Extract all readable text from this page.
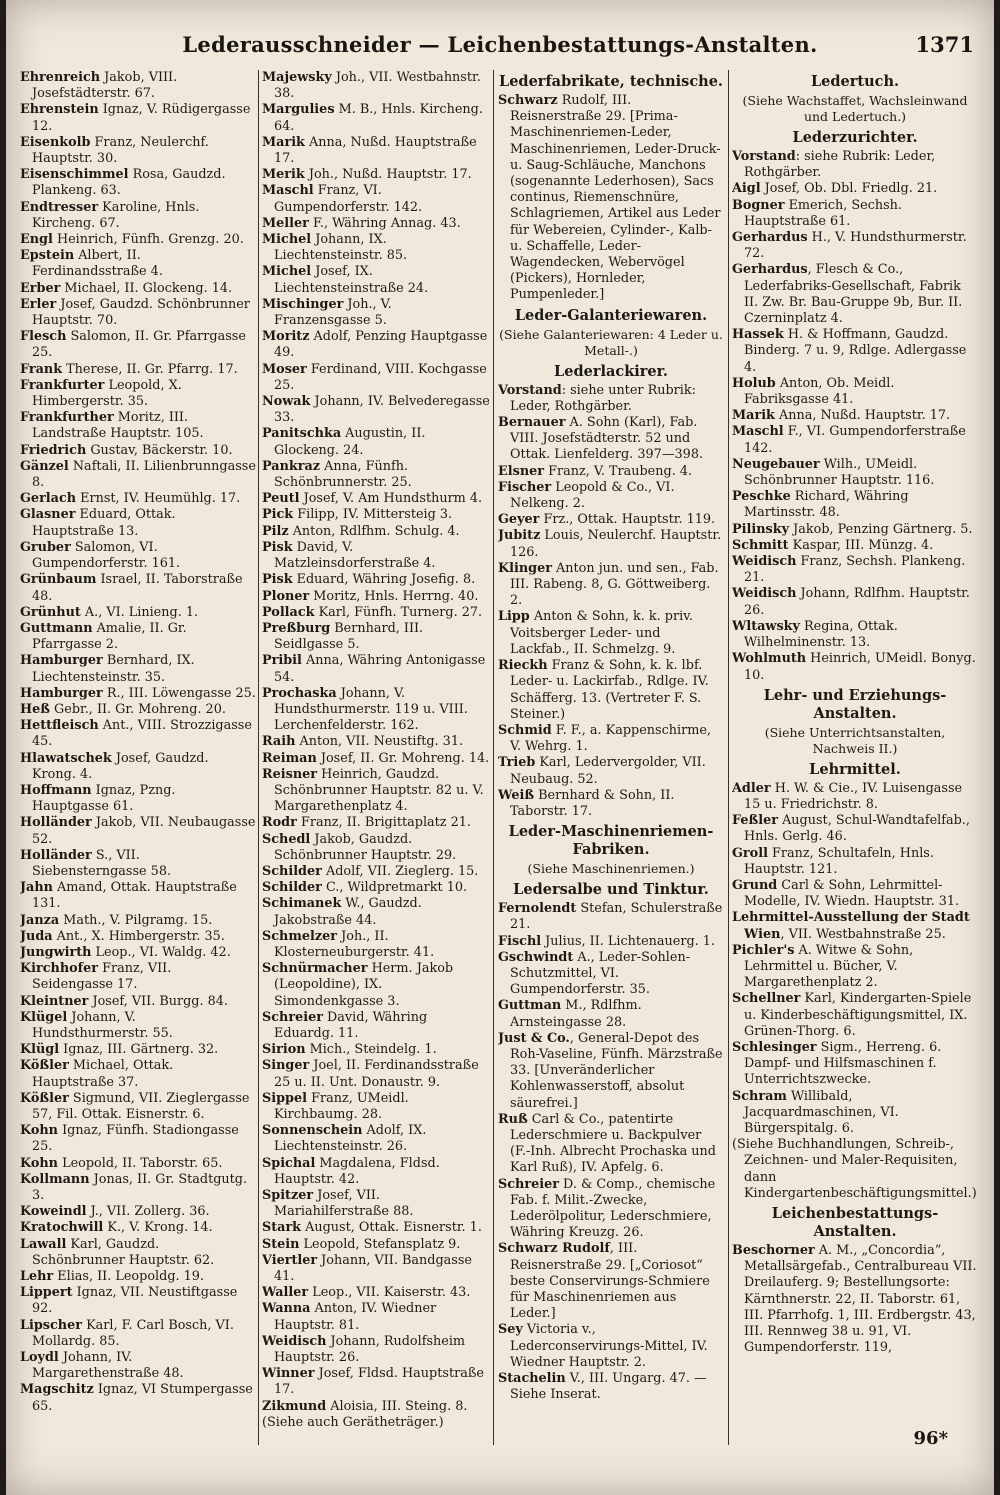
Lederausschneider — Leichenbestattungs-Anstalten.	1371
Ehrenreich Jakob, VIII. Josefstädterstr. 67.
Ehrenstein Ignaz, V. Rüdigergasse 12.
Eisenkolb Franz, Neulerchf. Hauptstr. 30.
Eisenschimmel Rosa, Gaudzd. Plankeng. 63.
Endtresser Karoline, Hnls. Kircheng. 67.
Engl Heinrich, Fünfh. Grenzg. 20.
Epstein Albert, II. Ferdinandsstraße 4.
Erber Michael, II. Glockeng. 14.
Erler Josef, Gaudzd. Schönbrunner Hauptstr. 70.
Flesch Salomon, II. Gr. Pfarrgasse 25.
Frank Therese, II. Gr. Pfarrg. 17.
Frankfurter Leopold, X. Himbergerstr. 35.
Frankfurther Moritz, III. Landstraße Hauptstr. 105.
Friedrich Gustav, Bäckerstr. 10.
Gänzel Naftali, II. Lilienbrunngasse 8.
Gerlach Ernst, IV. Heumühlg. 17.
Glasner Eduard, Ottak. Hauptstraße 13.
Gruber Salomon, VI. Gumpendorferstr. 161.
Grünbaum Israel, II. Taborstraße 48.
Grünhut A., VI. Linieng. 1.
Guttmann Amalie, II. Gr. Pfarrgasse 2.
Hamburger Bernhard, IX. Liechtensteinstr. 35.
Hamburger R., III. Löwengasse 25.
Heß Gebr., II. Gr. Mohreng. 20.
Hettfleisch Ant., VIII. Strozzigasse 45.
Hlawatschek Josef, Gaudzd. Krong. 4.
Hoffmann Ignaz, Pzng. Hauptgasse 61.
Holländer Jakob, VII. Neubaugasse 52.
Holländer S., VII. Siebensterngasse 58.
Jahn Amand, Ottak. Hauptstraße 131.
Janza Math., V. Pilgramg. 15.
Juda Ant., X. Himbergerstr. 35.
Jungwirth Leop., VI. Waldg. 42.
Kirchhofer Franz, VII. Seidengasse 17.
Kleintner Josef, VII. Burgg. 84.
Klügel Johann, V. Hundsthurmerstr. 55.
Klügl Ignaz, III. Gärtnerg. 32.
Kößler Michael, Ottak. Hauptstraße 37.
Kößler Sigmund, VII. Zieglergasse 57, Fil. Ottak. Eisnerstr. 6.
Kohn Ignaz, Fünfh. Stadiongasse 25.
Kohn Leopold, II. Taborstr. 65.
Kollmann Jonas, II. Gr. Stadtgutg. 3.
Koweindl J., VII. Zollerg. 36.
Kratochwill K., V. Krong. 14.
Lawall Karl, Gaudzd. Schönbrunner Hauptstr. 62.
Lehr Elias, II. Leopoldg. 19.
Lippert Ignaz, VII. Neustiftgasse 92.
Lipscher Karl, F. Carl Bosch, VI. Mollardg. 85.
Loydl Johann, IV. Margarethenstraße 48.
Magschitz Ignaz, VI Stumpergasse 65.
Majewsky Joh., VII. Westbahnstr. 38.
Margulies M. B., Hnls. Kircheng. 64.
Marik Anna, Nußd. Hauptstraße 17.
Merik Joh., Nußd. Hauptstr. 17.
Maschl Franz, VI. Gumpendorferstr. 142.
Meller F., Währing Annag. 43.
Michel Johann, IX. Liechtensteinstr. 85.
Michel Josef, IX. Liechtensteinstraße 24.
Mischinger Joh., V. Franzensgasse 5.
Moritz Adolf, Penzing Hauptgasse 49.
Moser Ferdinand, VIII. Kochgasse 25.
Nowak Johann, IV. Belvederegasse 33.
Panitschka Augustin, II. Glockeng. 24.
Pankraz Anna, Fünfh. Schönbrunnerstr. 25.
Peutl Josef, V. Am Hundsthurm 4.
Pick Filipp, IV. Mittersteig 3.
Pilz Anton, Rdlfhm. Schulg. 4.
Pisk David, V. Matzleinsdorferstraße 4.
Pisk Eduard, Währing Josefig. 8.
Ploner Moritz, Hnls. Herrng. 40.
Pollack Karl, Fünfh. Turnerg. 27.
Preßburg Bernhard, III. Seidlgasse 5.
Pribil Anna, Währing Antonigasse 54.
Prochaska Johann, V. Hundsthurmerstr. 119 u. VIII. Lerchenfelderstr. 162.
Raih Anton, VII. Neustiftg. 31.
Reiman Josef, II. Gr. Mohreng. 14.
Reisner Heinrich, Gaudzd. Schönbrunner Hauptstr. 82 u. V. Margarethenplatz 4.
Rodr Franz, II. Brigittaplatz 21.
Schedl Jakob, Gaudzd. Schönbrunner Hauptstr. 29.
Schilder Adolf, VII. Zieglerg. 15.
Schilder C., Wildpretmarkt 10.
Schimanek W., Gaudzd. Jakobstraße 44.
Schmelzer Joh., II. Klosterneuburgerstr. 41.
Schnürmacher Herm. Jakob (Leopoldine), IX. Simondenkgasse 3.
Schreier David, Währing Eduardg. 11.
Sirion Mich., Steindelg. 1.
Singer Joel, II. Ferdinandsstraße 25 u. II. Unt. Donaustr. 9.
Sippel Franz, UMeidl. Kirchbaumg. 28.
Sonnenschein Adolf, IX. Liechtensteinstr. 26.
Spichal Magdalena, Fldsd. Hauptstr. 42.
Spitzer Josef, VII. Mariahilferstraße 88.
Stark August, Ottak. Eisnerstr. 1.
Stein Leopold, Stefansplatz 9.
Viertler Johann, VII. Bandgasse 41.
Waller Leop., VII. Kaiserstr. 43.
Wanna Anton, IV. Wiedner Hauptstr. 81.
Weidisch Johann, Rudolfsheim Hauptstr. 26.
Winner Josef, Fldsd. Hauptstraße 17.
Zikmund Aloisia, III. Steing. 8.
(Siehe auch Gerätheträger.)
Lederfabrikate, technische.
Schwarz Rudolf, III. Reisnerstraße 29. [Prima-Maschinenriemen-Leder, Maschinenriemen, Leder-Druck- u. Saug-Schläuche, Manchons (sogenannte Lederhosen), Sacs continus, Riemenschnüre, Schlagriemen, Artikel aus Leder für Webereien, Cylinder-, Kalb- u. Schaffelle, Leder-Wagendecken, Webervögel (Pickers), Hornleder, Pumpenleder.]
Leder-Galanteriewaren.
(Siehe Galanteriewaren: 4 Leder u. Metall-.)
Lederlackirer.
Vorstand: siehe unter Rubrik: Leder, Rothgärber.
Bernauer A. Sohn (Karl), Fab. VIII. Josefstädterstr. 52 und Ottak. Lienfelderg. 397—398.
Elsner Franz, V. Traubeng. 4.
Fischer Leopold & Co., VI. Nelkeng. 2.
Geyer Frz., Ottak. Hauptstr. 119.
Jubitz Louis, Neulerchf. Hauptstr. 126.
Klinger Anton jun. und sen., Fab. III. Rabeng. 8, G. Göttweiberg. 2.
Lipp Anton & Sohn, k. k. priv. Voitsberger Leder- und Lackfab., II. Schmelzg. 9.
Rieckh Franz & Sohn, k. k. lbf. Leder- u. Lackirfab., Rdlge. IV. Schäfferg. 13. (Vertreter F. S. Steiner.)
Schmid F. F., a. Kappenschirme, V. Wehrg. 1.
Trieb Karl, Ledervergolder, VII. Neubaug. 52.
Weiß Bernhard & Sohn, II. Taborstr. 17.
Leder-Maschinenriemen-Fabriken.
(Siehe Maschinenriemen.)
Ledersalbe und Tinktur.
Fernolendt Stefan, Schulerstraße 21.
Fischl Julius, II. Lichtenauerg. 1.
Gschwindt A., Leder-Sohlen-Schutzmittel, VI. Gumpendorferstr. 35.
Guttman M., Rdlfhm. Arnsteingasse 28.
Just & Co., General-Depot des Roh-Vaseline, Fünfh. Märzstraße 33. [Unveränderlicher Kohlenwasserstoff, absolut säurefrei.]
Ruß Carl & Co., patentirte Lederschmiere u. Backpulver (F.-Inh. Albrecht Prochaska und Karl Ruß), IV. Apfelg. 6.
Schreier D. & Comp., chemische Fab. f. Milit.-Zwecke, Lederölpolitur, Lederschmiere, Währing Kreuzg. 26.
Schwarz Rudolf, III. Reisnerstraße 29. [„Coriosot“ beste Conservirungs-Schmiere für Maschinenriemen aus Leder.]
Sey Victoria v., Lederconservirungs-Mittel, IV. Wiedner Hauptstr. 2.
Stachelin V., III. Ungarg. 47. — Siehe Inserat.
Ledertuch.
(Siehe Wachstaffet, Wachsleinwand und Ledertuch.)
Lederzurichter.
Vorstand: siehe Rubrik: Leder, Rothgärber.
Aigl Josef, Ob. Dbl. Friedlg. 21.
Bogner Emerich, Sechsh. Hauptstraße 61.
Gerhardus H., V. Hundsthurmerstr. 72.
Gerhardus, Flesch & Co., Lederfabriks-Gesellschaft, Fabrik II. Zw. Br. Bau-Gruppe 9b, Bur. II. Czerninplatz 4.
Hassek H. & Hoffmann, Gaudzd. Binderg. 7 u. 9, Rdlge. Adlergasse 4.
Holub Anton, Ob. Meidl. Fabriksgasse 41.
Marik Anna, Nußd. Hauptstr. 17.
Maschl F., VI. Gumpendorferstraße 142.
Neugebauer Wilh., UMeidl. Schönbrunner Hauptstr. 116.
Peschke Richard, Währing Martinsstr. 48.
Pilinsky Jakob, Penzing Gärtnerg. 5.
Schmitt Kaspar, III. Münzg. 4.
Weidisch Franz, Sechsh. Plankeng. 21.
Weidisch Johann, Rdlfhm. Hauptstr. 26.
Wltawsky Regina, Ottak. Wilhelminenstr. 13.
Wohlmuth Heinrich, UMeidl. Bonyg. 10.
Lehr- und Erziehungs-Anstalten.
(Siehe Unterrichtsanstalten, Nachweis II.)
Lehrmittel.
Adler H. W. & Cie., IV. Luisengasse 15 u. Friedrichstr. 8.
Feßler August, Schul-Wandtafelfab., Hnls. Gerlg. 46.
Groll Franz, Schultafeln, Hnls. Hauptstr. 121.
Grund Carl & Sohn, Lehrmittel-Modelle, IV. Wiedn. Hauptstr. 31.
Lehrmittel-Ausstellung der Stadt Wien, VII. Westbahnstraße 25.
Pichler's A. Witwe & Sohn, Lehrmittel u. Bücher, V. Margarethenplatz 2.
Schellner Karl, Kindergarten-Spiele u. Kinderbeschäftigungsmittel, IX. Grünen-Thorg. 6.
Schlesinger Sigm., Herreng. 6. Dampf- und Hilfsmaschinen f. Unterrichtszwecke.
Schram Willibald, Jacquardmaschinen, VI. Bürgerspitalg. 6.
(Siehe Buchhandlungen, Schreib-, Zeichnen- und Maler-Requisiten, dann Kindergartenbeschäftigungsmittel.)
Leichenbestattungs-Anstalten.
Beschorner A. M., „Concordia“, Metallsärgefab., Centralbureau VII. Dreilauferg. 9; Bestellungsorte: Kärnthnerstr. 22, II. Taborstr. 61, III. Pfarrhofg. 1, III. Erdbergstr. 43, III. Rennweg 38 u. 91, VI. Gumpendorferstr. 119,
96*
